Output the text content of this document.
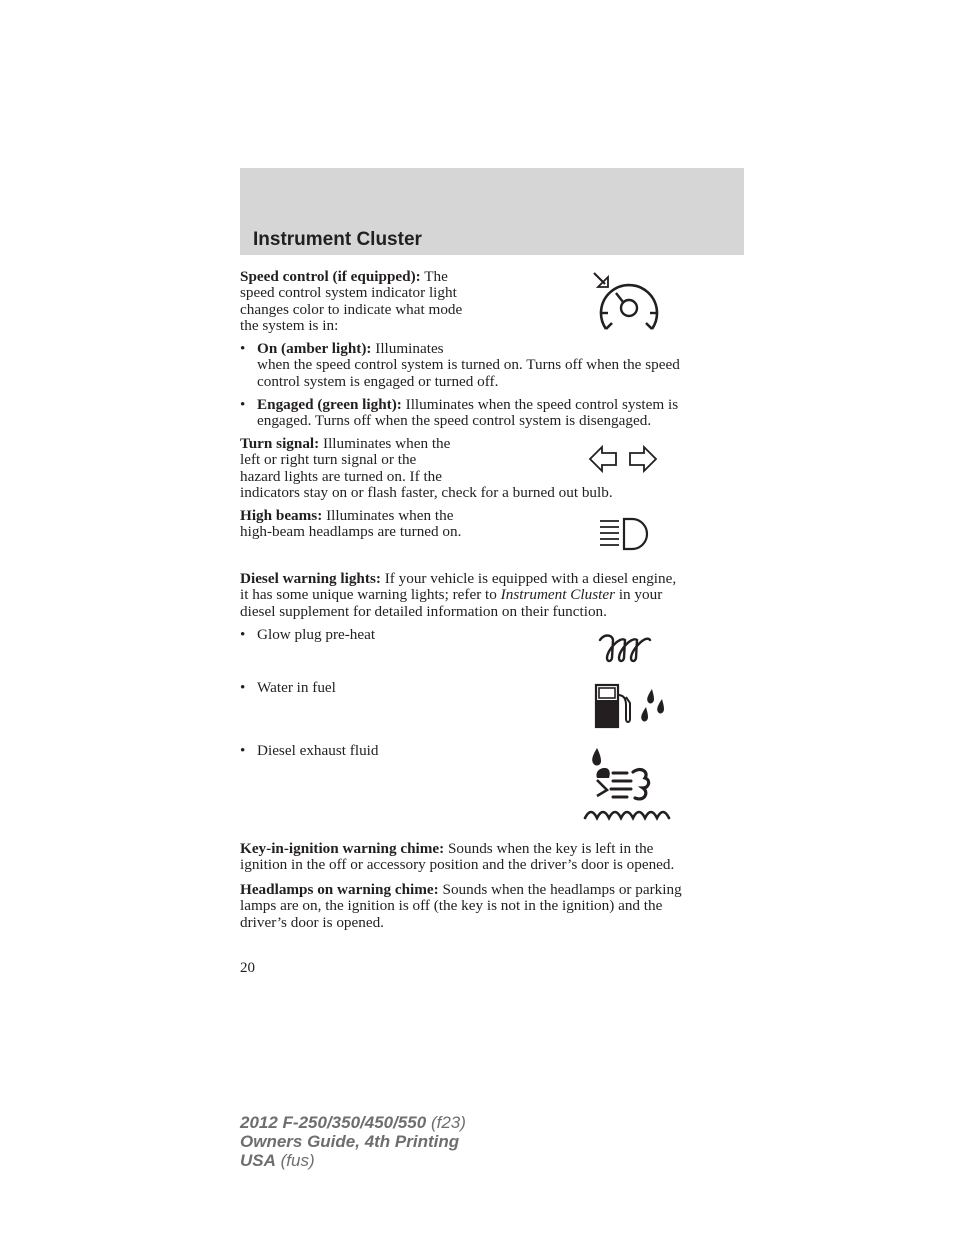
Instrument Cluster
Speed control (if equipped): The
speed control system indicator light
changes color to indicate what mode
the system is in:
• On (amber light): Illuminates
when the speed control system is turned on. Turns off when the speed
control system is engaged or turned off.
• Engaged (green light): Illuminates when the speed control system is
engaged. Turns off when the speed control system is disengaged.
Turn signal: Illuminates when the
left or right turn signal or the
hazard lights are turned on. If the
indicators stay on or flash faster, check for a burned out bulb.
High beams: Illuminates when the
high-beam headlamps are turned on.
Diesel warning lights: If your vehicle is equipped with a diesel engine,
it has some unique warning lights; refer to Instrument Cluster in your
diesel supplement for detailed information on their function.
• Glow plug pre-heat
• Water in fuel
• Diesel exhaust fluid
Key-in-ignition warning chime: Sounds when the key is left in the
ignition in the off or accessory position and the driver’s door is opened.
Headlamps on warning chime: Sounds when the headlamps or parking
lamps are on, the ignition is off (the key is not in the ignition) and the
driver’s door is opened.
20
2012 F-250/350/450/550 (f23)
Owners Guide, 4th Printing
USA (fus)
